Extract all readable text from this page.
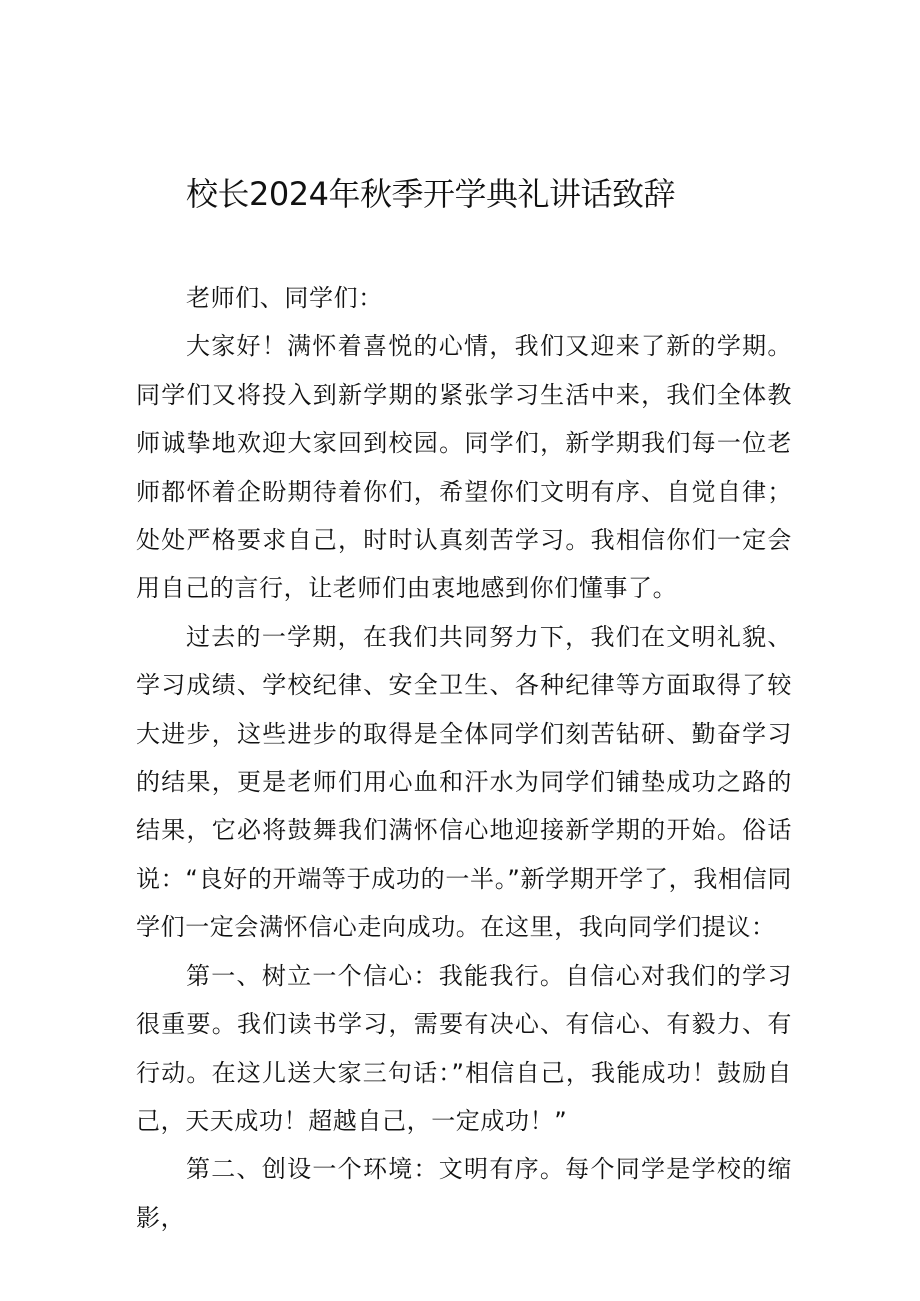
校长2024年秋季开学典礼讲话致辞

老师们、同学们：

大家好！满怀着喜悦的心情，我们又迎来了新的学期。同学们又将投入到新学期的紧张学习生活中来，我们全体教师诚挚地欢迎大家回到校园。同学们，新学期我们每一位老师都怀着企盼期待着你们，希望你们文明有序、自觉自律；处处严格要求自己，时时认真刻苦学习。我相信你们一定会用自己的言行，让老师们由衷地感到你们懂事了。

过去的一学期，在我们共同努力下，我们在文明礼貌、学习成绩、学校纪律、安全卫生、各种纪律等方面取得了较大进步，这些进步的取得是全体同学们刻苦钻研、勤奋学习的结果，更是老师们用心血和汗水为同学们铺垫成功之路的结果，它必将鼓舞我们满怀信心地迎接新学期的开始。俗话说：“良好的开端等于成功的一半。”新学期开学了，我相信同学们一定会满怀信心走向成功。在这里，我向同学们提议：

第一、树立一个信心：我能我行。自信心对我们的学习很重要。我们读书学习，需要有决心、有信心、有毅力、有行动。在这儿送大家三句话：”相信自己，我能成功！鼓励自己，天天成功！超越自己，一定成功！”

第二、创设一个环境：文明有序。每个同学是学校的缩影，
